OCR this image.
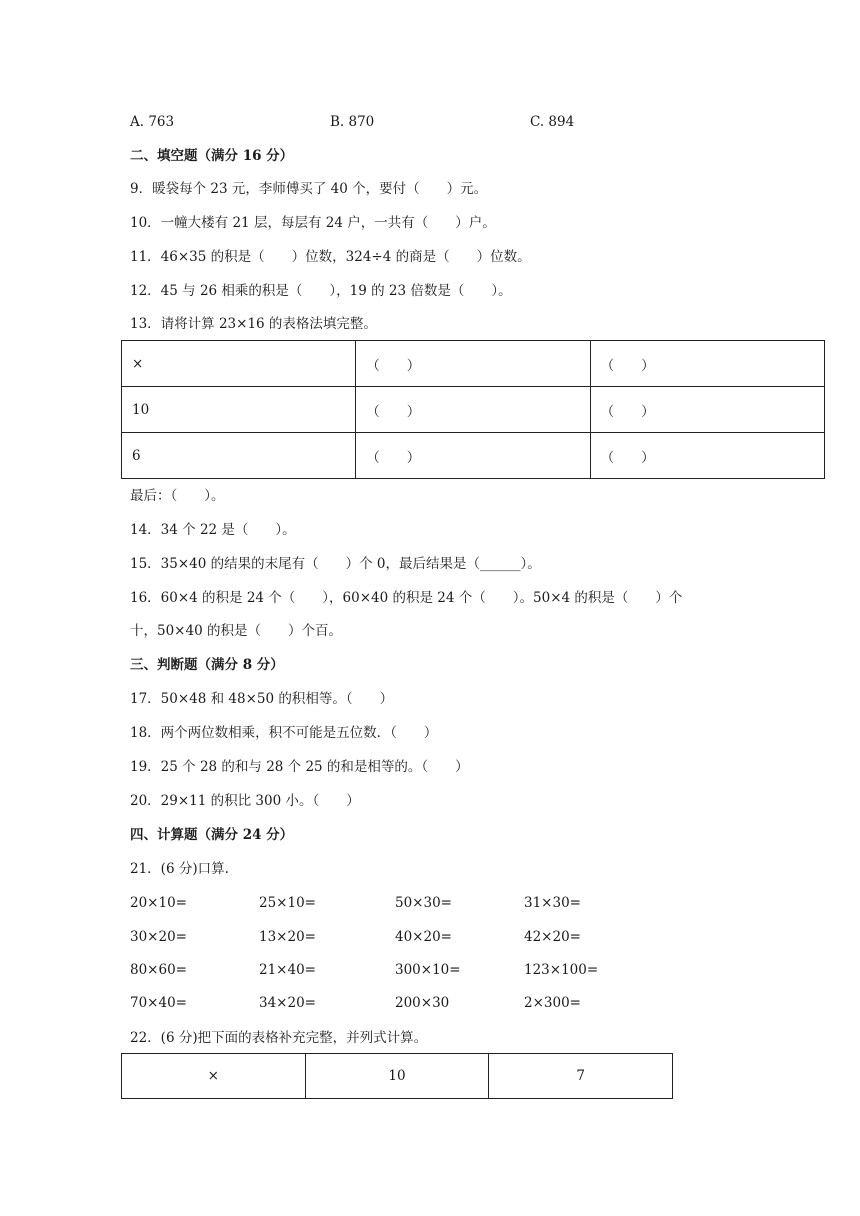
A. 763	B. 870	C. 894
二、填空题（满分 16 分）
9．暖袋每个 23 元，李师傅买了 40 个，要付（　　）元。
10．一幢大楼有 21 层，每层有 24 户，一共有（　　）户。
11．46×35 的积是（　　）位数，324÷4 的商是（　　）位数。
12．45 与 26 相乘的积是（　　），19 的 23 倍数是（　　）。
13．请将计算 23×16 的表格法填完整。
×	（　　）	（　　）
10	（　　）	（　　）
6	（　　）	（　　）
最后：（　　）。
14．34 个 22 是（　　）。
15．35×40 的结果的末尾有（　　）个 0，最后结果是（______）。
16．60×4 的积是 24 个（　　），60×40 的积是 24 个（　　）。50×4 的积是（　　）个
十，50×40 的积是（　　）个百。
三、判断题（满分 8 分）
17．50×48 和 48×50 的积相等。（　　）
18．两个两位数相乘，积不可能是五位数．（　　）
19．25 个 28 的和与 28 个 25 的和是相等的。（　　）
20．29×11 的积比 300 小。（　　）
四、计算题（满分 24 分）
21．(6 分)口算.
20×10=	25×10=	50×30=	31×30=
30×20=	13×20=	40×20=	42×20=
80×60=	21×40=	300×10=	123×100=
70×40=	34×20=	200×30	2×300=
22．(6 分)把下面的表格补充完整，并列式计算。
×	10	7
